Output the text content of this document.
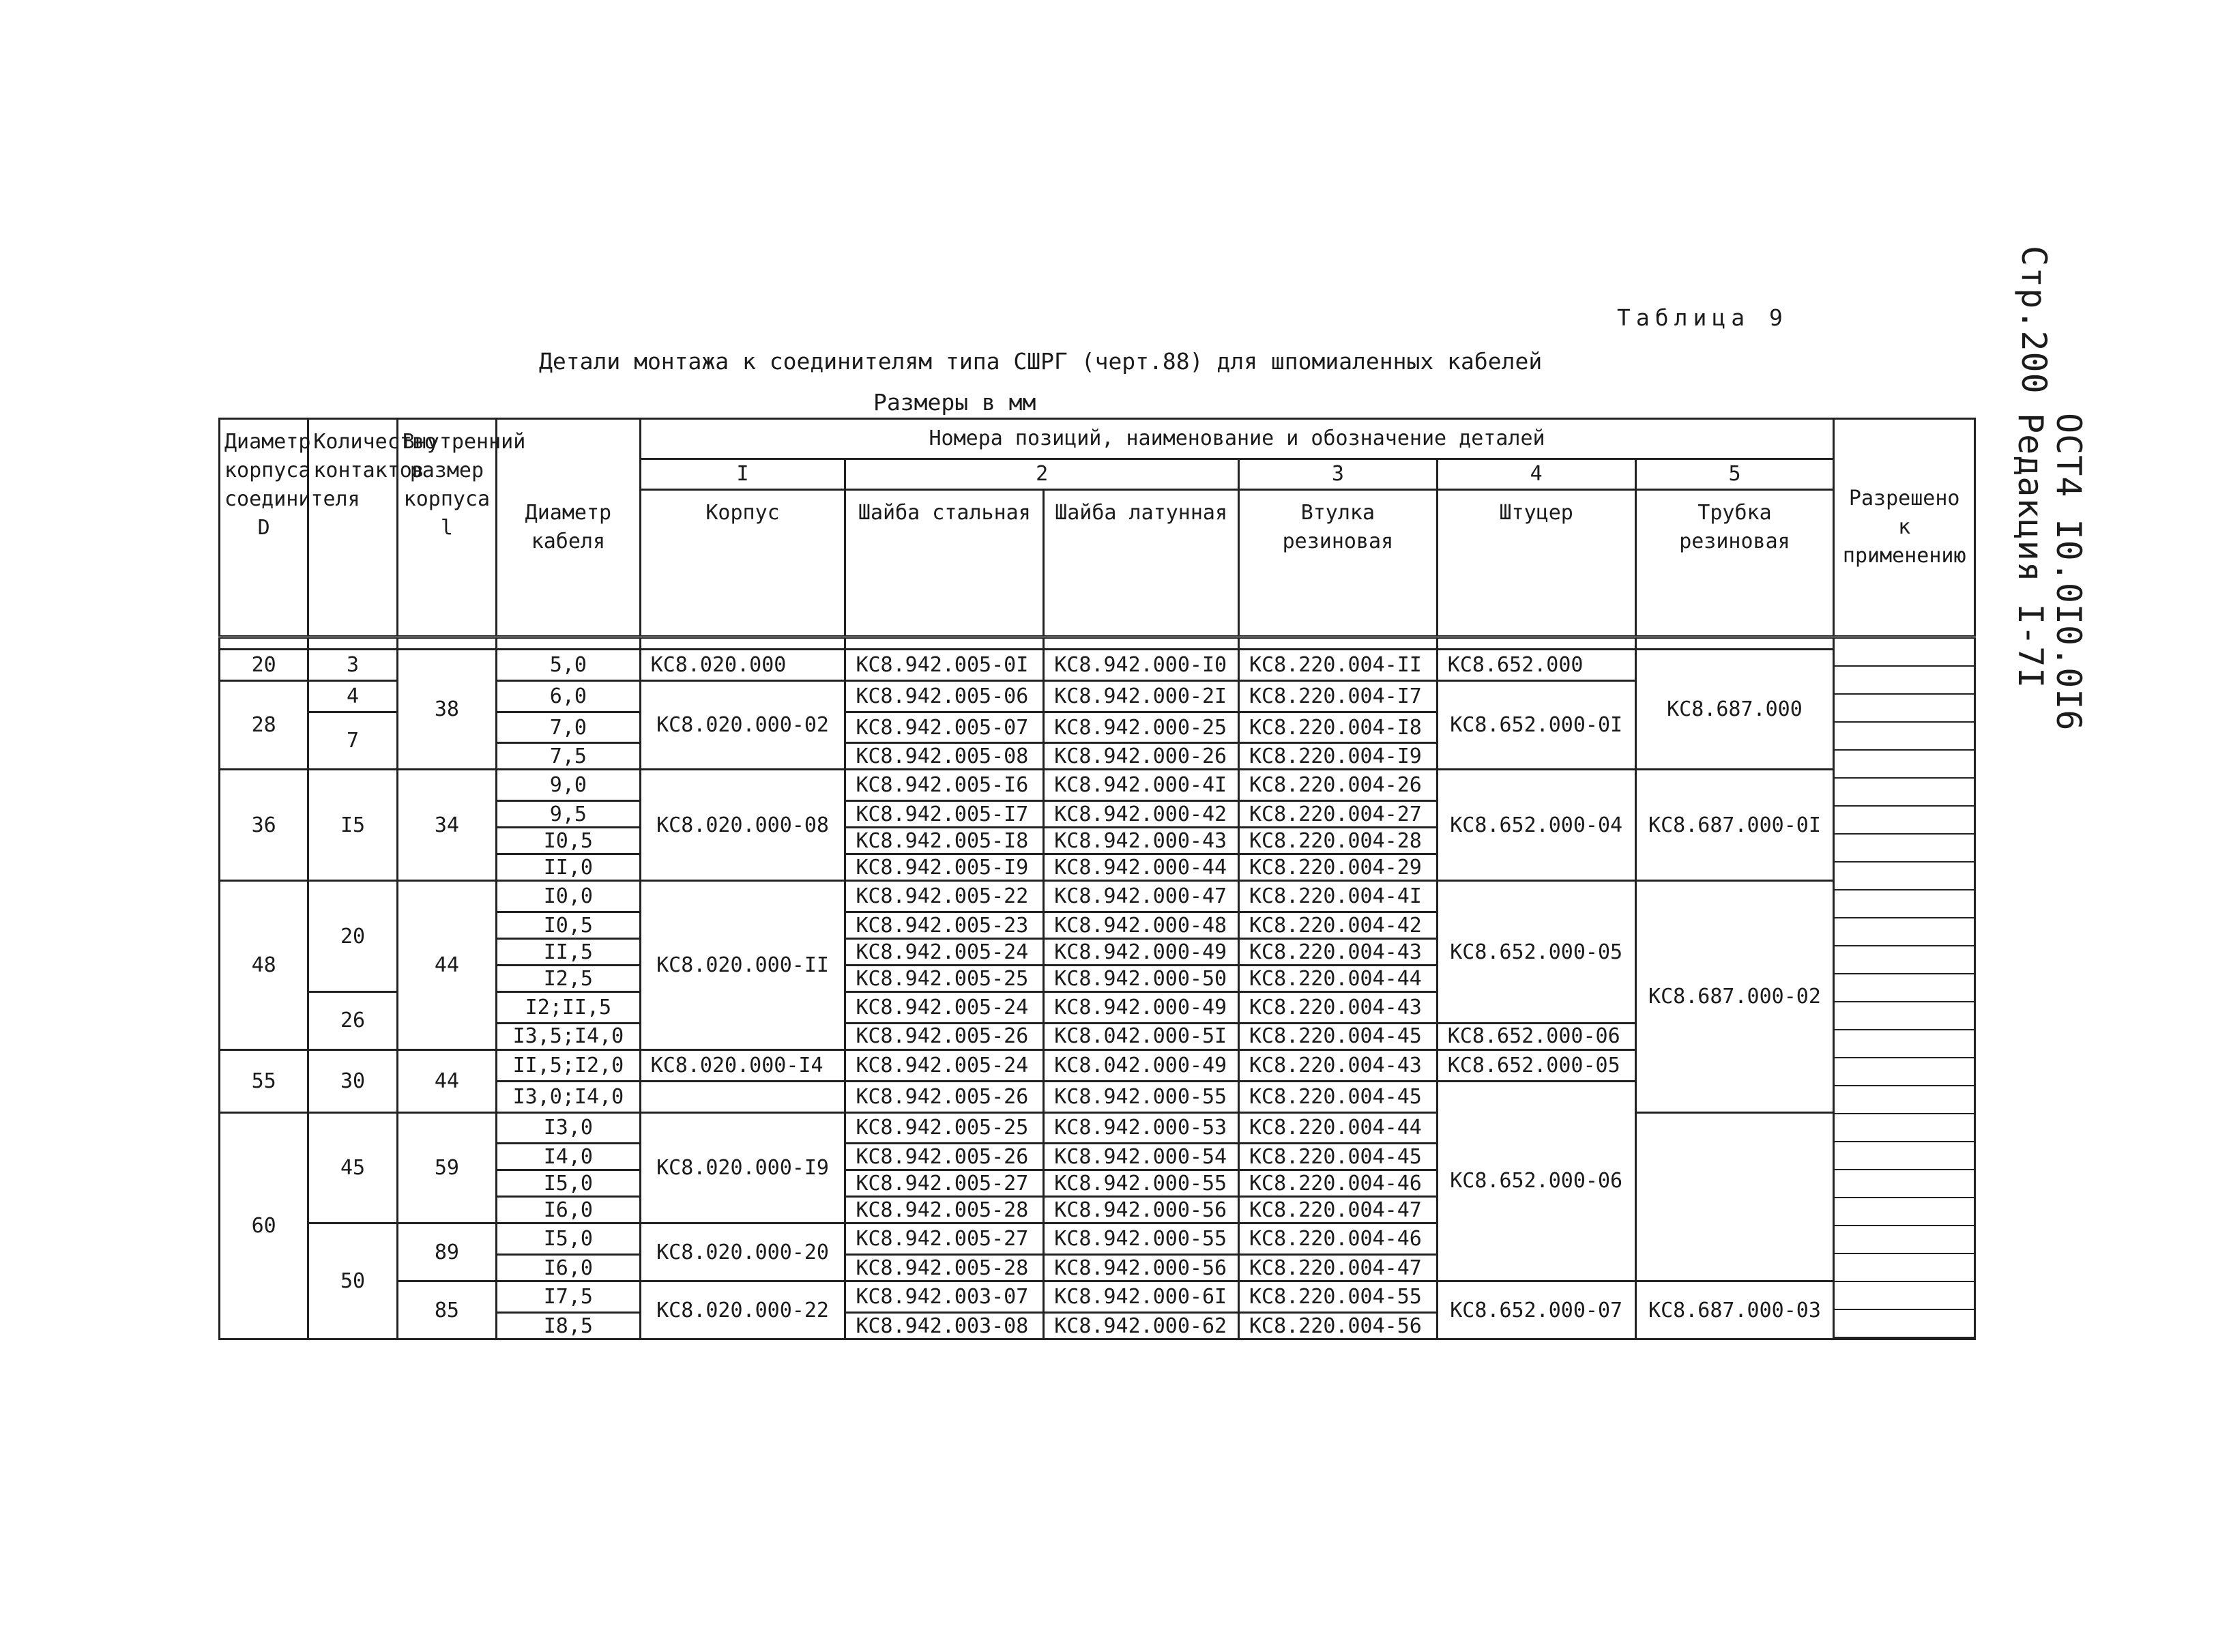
Стр.200
ОСТ4 I0.0I0.0I6
Редакция I-7I
Таблица 9
Детали монтажа к соединителям типа СШРГ (черт.88) для шпомиаленных кабелей
Размеры в мм
Диаметр корпуса соединителя D	Количество контактов	Внутренний размер корпуса l	Диаметр кабеля	Номера позиций, наименование и обозначение деталей						Разрешено к применению
				I	2		3	4	5	
				Корпус	Шайба стальная	Шайба латунная	Втулка резиновая	Штуцер	Трубка резиновая	

20	3	38	5,0	КС8.020.000	КС8.942.005-0I	КС8.942.000-I0	КС8.220.004-II	КС8.652.000	КС8.687.000	
28	4		6,0	КС8.020.000-02	КС8.942.005-06	КС8.942.000-2I	КС8.220.004-I7	КС8.652.000-0I		
	7		7,0		КС8.942.005-07	КС8.942.000-25	КС8.220.004-I8			
			7,5		КС8.942.005-08	КС8.942.000-26	КС8.220.004-I9			
36	I5	34	9,0	КС8.020.000-08	КС8.942.005-I6	КС8.942.000-4I	КС8.220.004-26	КС8.652.000-04	КС8.687.000-0I	
			9,5		КС8.942.005-I7	КС8.942.000-42	КС8.220.004-27			
			I0,5		КС8.942.005-I8	КС8.942.000-43	КС8.220.004-28			
			II,0		КС8.942.005-I9	КС8.942.000-44	КС8.220.004-29			
48	20	44	I0,0	КС8.020.000-II	КС8.942.005-22	КС8.942.000-47	КС8.220.004-4I	КС8.652.000-05	КС8.687.000-02	
			I0,5		КС8.942.005-23	КС8.942.000-48	КС8.220.004-42			
			II,5		КС8.942.005-24	КС8.942.000-49	КС8.220.004-43			
			I2,5		КС8.942.005-25	КС8.942.000-50	КС8.220.004-44			
	26		I2;II,5		КС8.942.005-24	КС8.942.000-49	КС8.220.004-43			
			I3,5;I4,0		КС8.942.005-26	КС8.042.000-5I	КС8.220.004-45	КС8.652.000-06		
55	30	44	II,5;I2,0	КС8.020.000-I4	КС8.942.005-24	КС8.042.000-49	КС8.220.004-43	КС8.652.000-05		
			I3,0;I4,0		КС8.942.005-26	КС8.942.000-55	КС8.220.004-45	КС8.652.000-06		
60	45	59	I3,0	КС8.020.000-I9	КС8.942.005-25	КС8.942.000-53	КС8.220.004-44			
			I4,0		КС8.942.005-26	КС8.942.000-54	КС8.220.004-45			
			I5,0		КС8.942.005-27	КС8.942.000-55	КС8.220.004-46			
			I6,0		КС8.942.005-28	КС8.942.000-56	КС8.220.004-47			
	50	89	I5,0	КС8.020.000-20	КС8.942.005-27	КС8.942.000-55	КС8.220.004-46			
			I6,0		КС8.942.005-28	КС8.942.000-56	КС8.220.004-47			
		85	I7,5	КС8.020.000-22	КС8.942.003-07	КС8.942.000-6I	КС8.220.004-55	КС8.652.000-07	КС8.687.000-03	
			I8,5		КС8.942.003-08	КС8.942.000-62	КС8.220.004-56			
